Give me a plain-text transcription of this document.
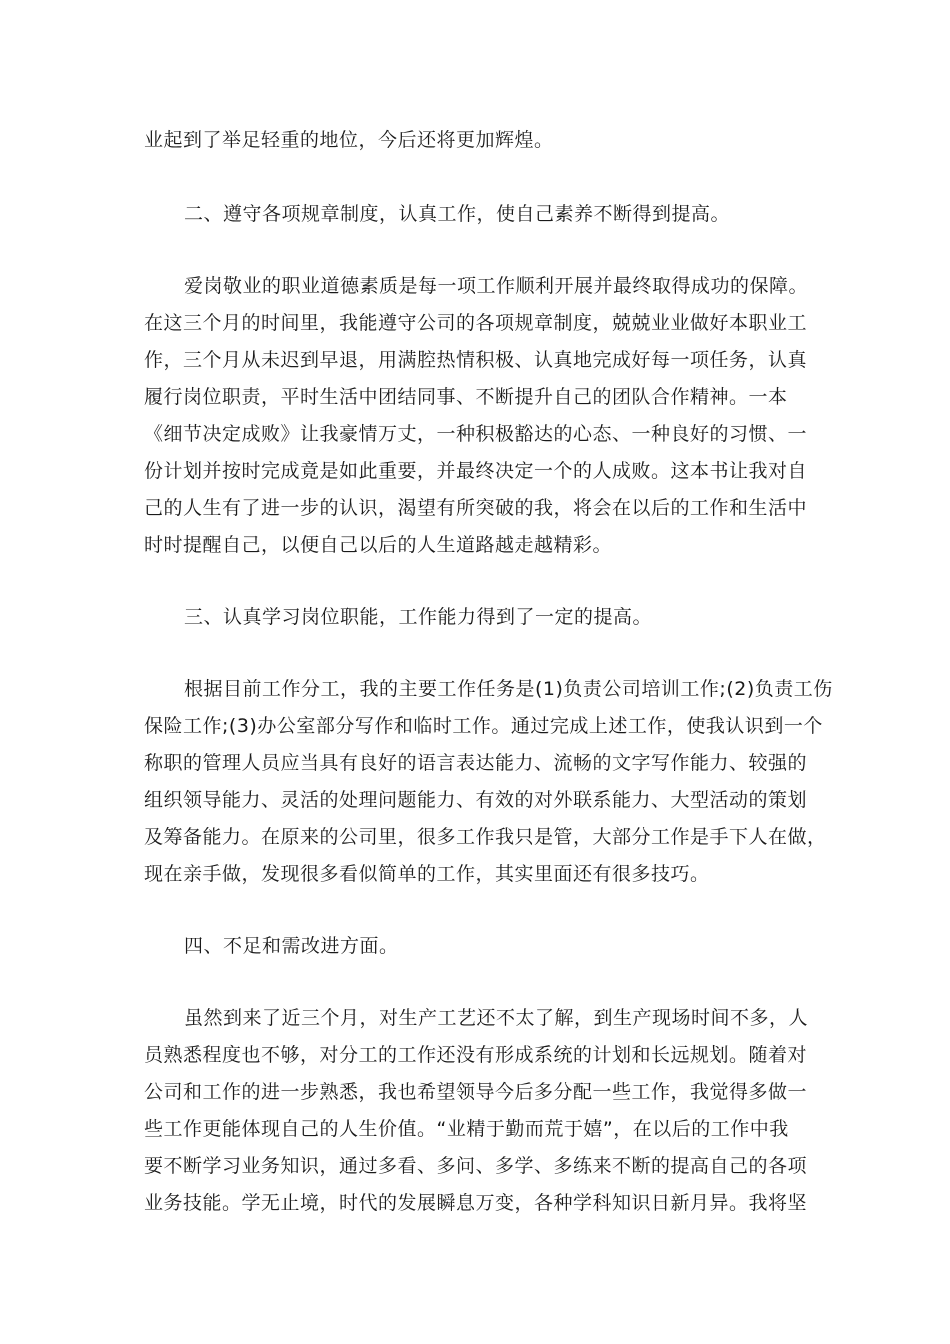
业起到了举足轻重的地位，今后还将更加辉煌。
二、遵守各项规章制度，认真工作，使自己素养不断得到提高。
爱岗敬业的职业道德素质是每一项工作顺利开展并最终取得成功的保障。
在这三个月的时间里，我能遵守公司的各项规章制度，兢兢业业做好本职业工
作，三个月从未迟到早退，用满腔热情积极、认真地完成好每一项任务，认真
履行岗位职责，平时生活中团结同事、不断提升自己的团队合作精神。一本
《细节决定成败》让我豪情万丈，一种积极豁达的心态、一种良好的习惯、一
份计划并按时完成竟是如此重要，并最终决定一个的人成败。这本书让我对自
己的人生有了进一步的认识，渴望有所突破的我，将会在以后的工作和生活中
时时提醒自己，以便自己以后的人生道路越走越精彩。
三、认真学习岗位职能，工作能力得到了一定的提高。
根据目前工作分工，我的主要工作任务是(1)负责公司培训工作;(2)负责工伤
保险工作;(3)办公室部分写作和临时工作。通过完成上述工作，使我认识到一个
称职的管理人员应当具有良好的语言表达能力、流畅的文字写作能力、较强的
组织领导能力、灵活的处理问题能力、有效的对外联系能力、大型活动的策划
及筹备能力。在原来的公司里，很多工作我只是管，大部分工作是手下人在做，
现在亲手做，发现很多看似简单的工作，其实里面还有很多技巧。
四、不足和需改进方面。
虽然到来了近三个月，对生产工艺还不太了解，到生产现场时间不多，人
员熟悉程度也不够，对分工的工作还没有形成系统的计划和长远规划。随着对
公司和工作的进一步熟悉，我也希望领导今后多分配一些工作，我觉得多做一
些工作更能体现自己的人生价值。“业精于勤而荒于嬉”，在以后的工作中我
要不断学习业务知识，通过多看、多问、多学、多练来不断的提高自己的各项
业务技能。学无止境，时代的发展瞬息万变，各种学科知识日新月异。我将坚
